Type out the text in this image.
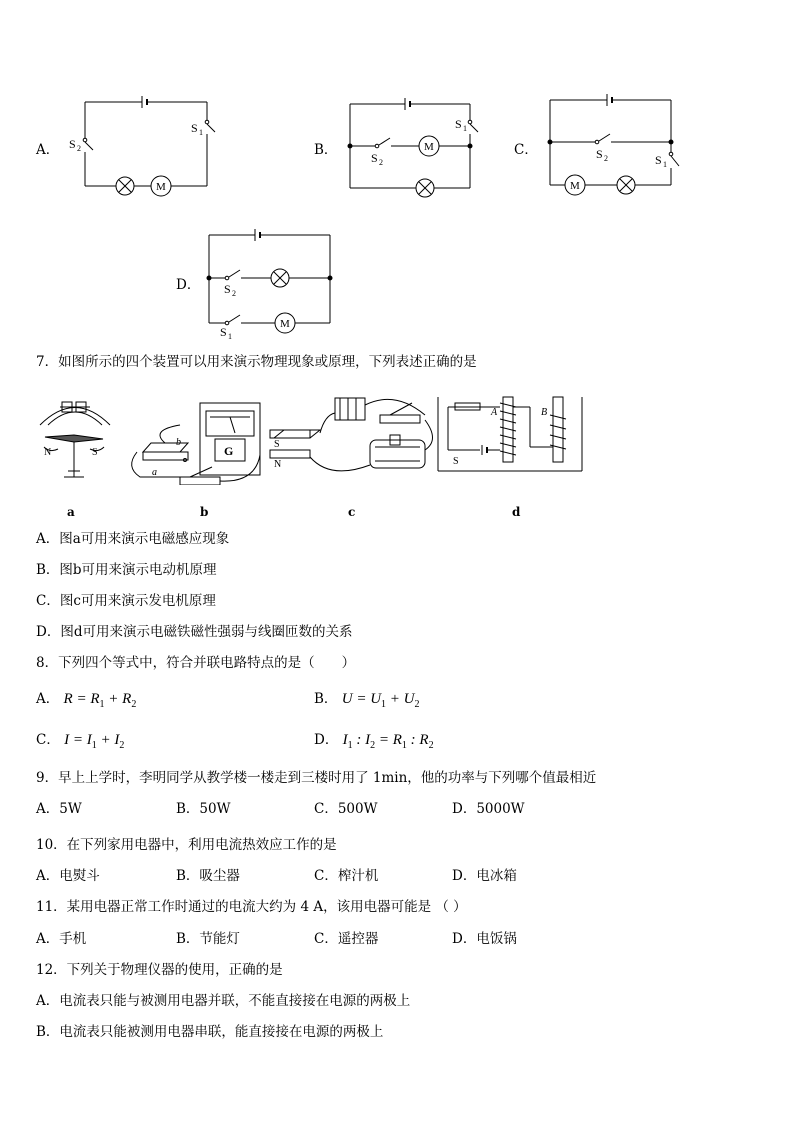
A． S 2
S 1
M
B．	S 2
S 1
M	C．	S 2	S 1
M
D． S 2
S 1
M
7．如图所示的四个装置可以用来演示物理现象或原理，下列表述正确的是
N	S	G
a
b	S
N
A	B
S
a	b	c	d
A．图a可用来演示电磁感应现象
B．图b可用来演示电动机原理
C．图c可用来演示发电机原理
D．图d可用来演示电磁铁磁性强弱与线圈匝数的关系
8．下列四个等式中，符合并联电路特点的是（　　）
A． $R = R_1 + R_2$	B． $U = U_1 + U_2$
C． $I = I_1 + I_2$	D． $I_1$ : $I_2 = R_1$ : $R_2$
9．早上上学时，李明同学从教学楼一楼走到三楼时用了 1min，他的功率与下列哪个值最相近
A．5W	B．50W	C．500W	D．5000W
10．在下列家用电器中，利用电流热效应工作的是
A．电熨斗	B．吸尘器	C．榨汁机	D．电冰箱
11．某用电器正常工作时通过的电流大约为 4 A，该用电器可能是 （ ）
A．手机	B．节能灯	C．遥控器	D．电饭锅
12．下列关于物理仪器的使用，正确的是
A．电流表只能与被测用电器并联，不能直接接在电源的两极上
B．电流表只能被测用电器串联，能直接接在电源的两极上
